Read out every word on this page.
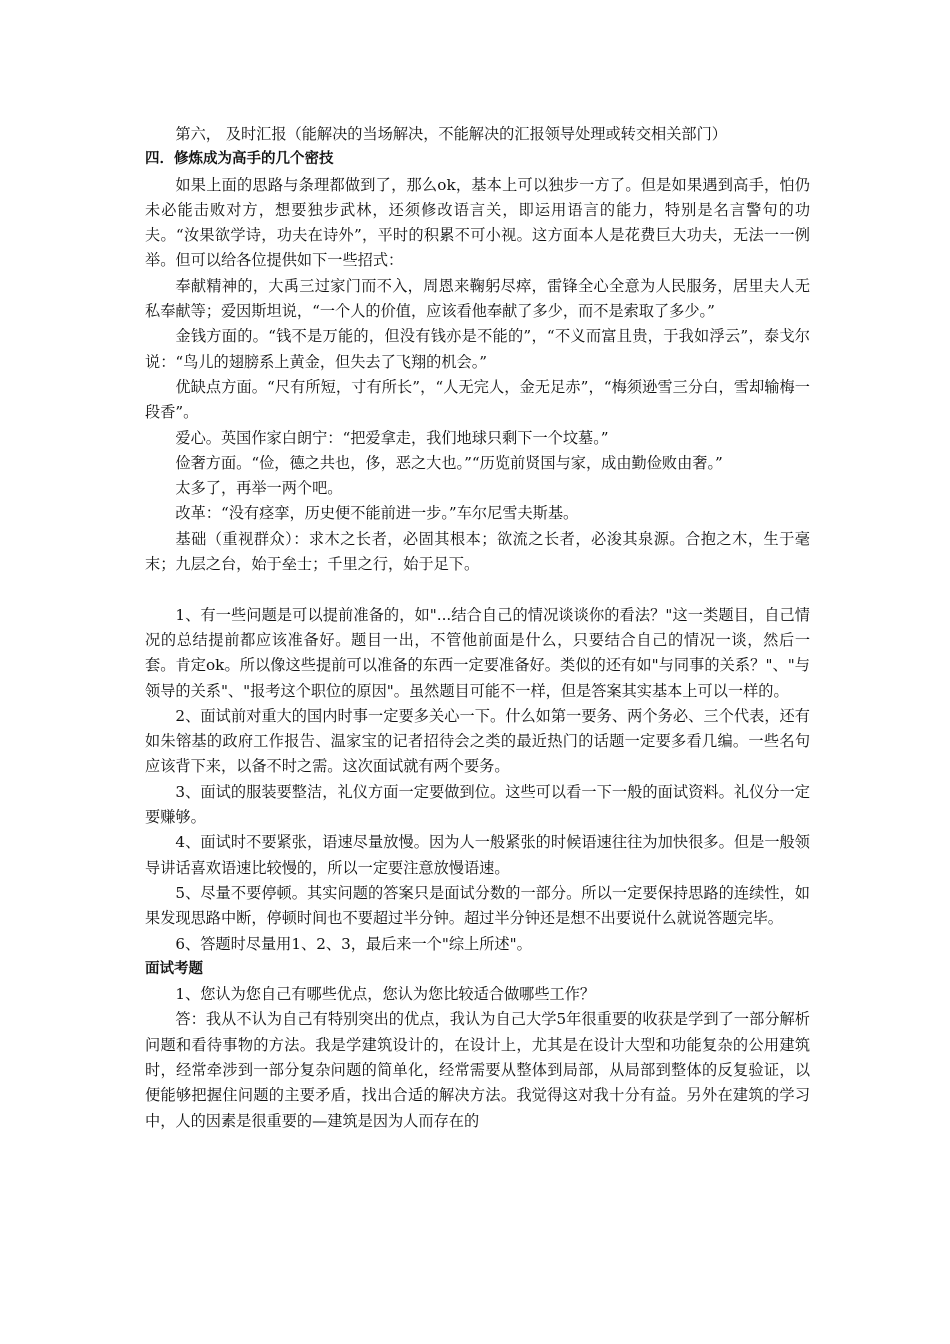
第六， 及时汇报（能解决的当场解决，不能解决的汇报领导处理或转交相关部门）

四．修炼成为高手的几个密技

如果上面的思路与条理都做到了，那么ok，基本上可以独步一方了。但是如果遇到高手，怕仍未必能击败对方，想要独步武林，还须修改语言关，即运用语言的能力，特别是名言警句的功夫。“汝果欲学诗，功夫在诗外”，平时的积累不可小视。这方面本人是花费巨大功夫，无法一一例举。但可以给各位提供如下一些招式：

奉献精神的，大禹三过家门而不入，周恩来鞠躬尽瘁，雷锋全心全意为人民服务，居里夫人无私奉献等；爱因斯坦说，“一个人的价值，应该看他奉献了多少，而不是索取了多少。”

金钱方面的。“钱不是万能的，但没有钱亦是不能的”，“不义而富且贵，于我如浮云”，泰戈尔说：“鸟儿的翅膀系上黄金，但失去了飞翔的机会。”

优缺点方面。“尺有所短，寸有所长”，“人无完人，金无足赤”，“梅须逊雪三分白，雪却输梅一段香”。

爱心。英国作家白朗宁：“把爱拿走，我们地球只剩下一个坟墓。”

俭奢方面。“俭，德之共也，侈，恶之大也。”“历览前贤国与家，成由勤俭败由奢。”

太多了，再举一两个吧。

改革：“没有痉挛，历史便不能前进一步。”车尔尼雪夫斯基。

基础（重视群众）：求木之长者，必固其根本；欲流之长者，必浚其泉源。合抱之木，生于毫末；九层之台，始于垒士；千里之行，始于足下。

1、有一些问题是可以提前准备的，如"...结合自己的情况谈谈你的看法？"这一类题目，自己情况的总结提前都应该准备好。题目一出，不管他前面是什么，只要结合自己的情况一谈，然后一套。肯定ok。所以像这些提前可以准备的东西一定要准备好。类似的还有如"与同事的关系？"、"与领导的关系"、"报考这个职位的原因"。虽然题目可能不一样，但是答案其实基本上可以一样的。

2、面试前对重大的国内时事一定要多关心一下。什么如第一要务、两个务必、三个代表，还有如朱镕基的政府工作报告、温家宝的记者招待会之类的最近热门的话题一定要多看几编。一些名句应该背下来，以备不时之需。这次面试就有两个要务。

3、面试的服装要整洁，礼仪方面一定要做到位。这些可以看一下一般的面试资料。礼仪分一定要赚够。

4、面试时不要紧张，语速尽量放慢。因为人一般紧张的时候语速往往为加快很多。但是一般领导讲话喜欢语速比较慢的，所以一定要注意放慢语速。

5、尽量不要停顿。其实问题的答案只是面试分数的一部分。所以一定要保持思路的连续性，如果发现思路中断，停顿时间也不要超过半分钟。超过半分钟还是想不出要说什么就说答题完毕。

6、答题时尽量用1、2、3，最后来一个"综上所述"。

面试考题

1、您认为您自己有哪些优点，您认为您比较适合做哪些工作？

答：我从不认为自己有特别突出的优点，我认为自己大学5年很重要的收获是学到了一部分解析问题和看待事物的方法。我是学建筑设计的，在设计上，尤其是在设计大型和功能复杂的公用建筑时，经常牵涉到一部分复杂问题的简单化，经常需要从整体到局部，从局部到整体的反复验证，以便能够把握住问题的主要矛盾，找出合适的解决方法。我觉得这对我十分有益。另外在建筑的学习中，人的因素是很重要的—建筑是因为人而存在的
